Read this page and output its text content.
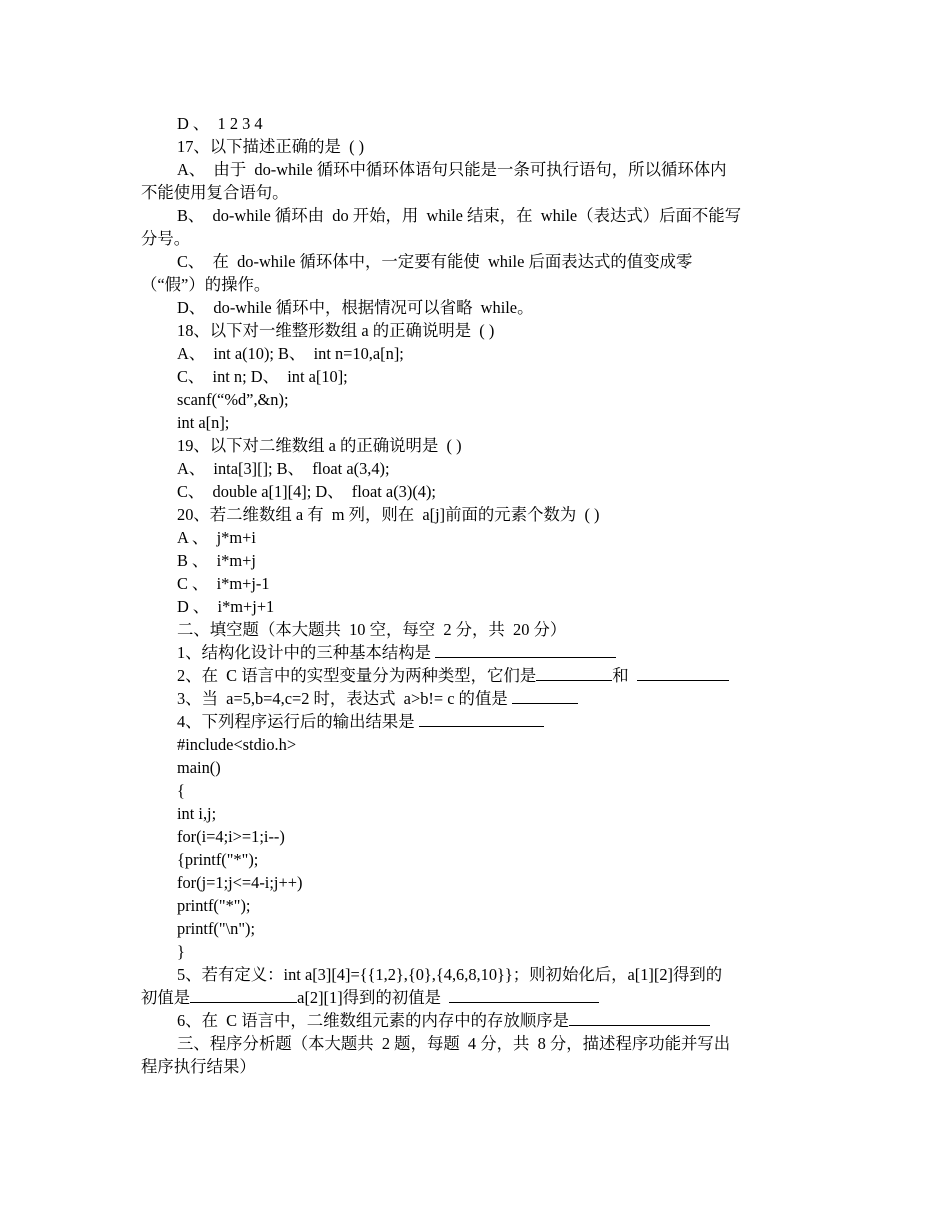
D 、  1 2 3 4

17、以下描述正确的是  ( )

A、  由于  do-while 循环中循环体语句只能是一条可执行语句，所以循环体内

不能使用复合语句。

B、  do-while 循环由  do 开始，用  while 结束，在  while（表达式）后面不能写

分号。

C、  在  do-while 循环体中，一定要有能使  while 后面表达式的值变成零

（“假”）的操作。

D、  do-while 循环中，根据情况可以省略  while。

18、以下对一维整形数组 a 的正确说明是  ( )

A、  int a(10); B、  int n=10,a[n];

C、  int n; D、  int a[10];

scanf(“%d”,&n);

int a[n];

19、以下对二维数组 a 的正确说明是  ( )

A、  inta[3][]; B、  float a(3,4);

C、  double a[1][4]; D、  float a(3)(4);

20、若二维数组 a 有  m 列，则在  a[j]前面的元素个数为  ( )

A 、  j*m+i

B 、  i*m+j

C 、  i*m+j-1

D 、  i*m+j+1

二、填空题（本大题共  10 空，每空  2 分，共  20 分）

1、结构化设计中的三种基本结构是

2、在  C 语言中的实型变量分为两种类型，它们是	和

3、当  a=5,b=4,c=2 时，表达式  a>b!= c 的值是

4、下列程序运行后的输出结果是

#include<stdio.h>

main()

{

int i,j;

for(i=4;i>=1;i--)

{printf("*");

for(j=1;j<=4-i;j++)

printf("*");

printf("\n");

}

5、若有定义：int a[3][4]={{1,2},{0},{4,6,8,10}}；则初始化后，a[1][2]得到的

初值是	a[2][1]得到的初值是

6、在  C 语言中，二维数组元素的内存中的存放顺序是

三、程序分析题（本大题共  2 题，每题  4 分，共  8 分，描述程序功能并写出

程序执行结果）
